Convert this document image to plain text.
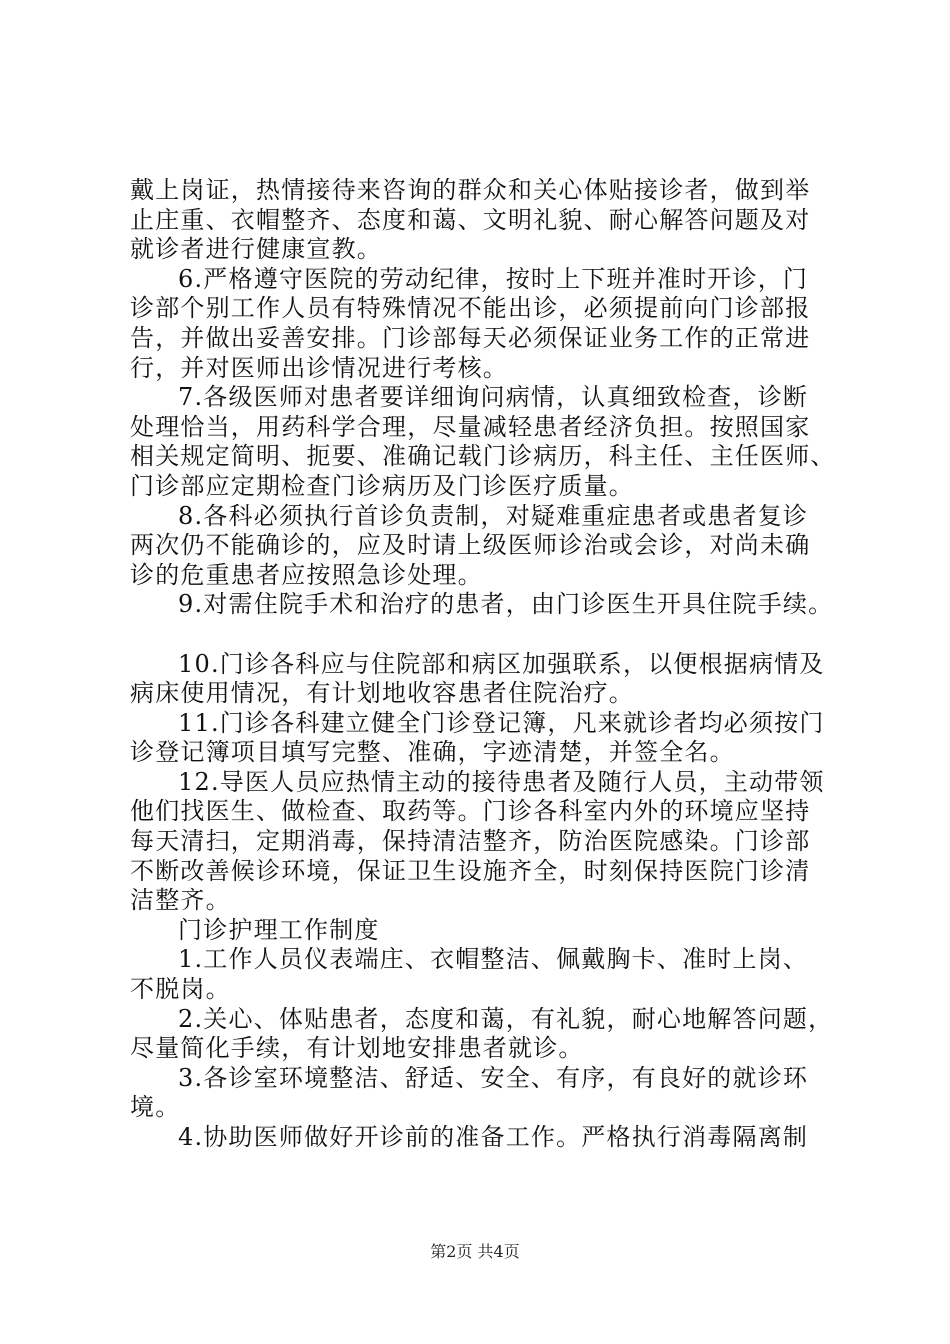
戴上岗证，热情接待来咨询的群众和关心体贴接诊者，做到举
止庄重、衣帽整齐、态度和蔼、文明礼貌、耐心解答问题及对
就诊者进行健康宣教。
6.严格遵守医院的劳动纪律，按时上下班并准时开诊，门
诊部个别工作人员有特殊情况不能出诊，必须提前向门诊部报
告，并做出妥善安排。门诊部每天必须保证业务工作的正常进
行，并对医师出诊情况进行考核。
7.各级医师对患者要详细询问病情，认真细致检查，诊断
处理恰当，用药科学合理，尽量减轻患者经济负担。按照国家
相关规定简明、扼要、准确记载门诊病历，科主任、主任医师、
门诊部应定期检查门诊病历及门诊医疗质量。
8.各科必须执行首诊负责制，对疑难重症患者或患者复诊
两次仍不能确诊的，应及时请上级医师诊治或会诊，对尚未确
诊的危重患者应按照急诊处理。
9.对需住院手术和治疗的患者，由门诊医生开具住院手续。
10.门诊各科应与住院部和病区加强联系，以便根据病情及
病床使用情况，有计划地收容患者住院治疗。
11.门诊各科建立健全门诊登记簿，凡来就诊者均必须按门
诊登记簿项目填写完整、准确，字迹清楚，并签全名。
12.导医人员应热情主动的接待患者及随行人员，主动带领
他们找医生、做检查、取药等。门诊各科室内外的环境应坚持
每天清扫，定期消毒，保持清洁整齐，防治医院感染。门诊部
不断改善候诊环境，保证卫生设施齐全，时刻保持医院门诊清
洁整齐。
门诊护理工作制度
1.工作人员仪表端庄、衣帽整洁、佩戴胸卡、准时上岗、
不脱岗。
2.关心、体贴患者，态度和蔼，有礼貌，耐心地解答问题，
尽量简化手续，有计划地安排患者就诊。
3.各诊室环境整洁、舒适、安全、有序，有良好的就诊环
境。
4.协助医师做好开诊前的准备工作。严格执行消毒隔离制
第2页 共4页
